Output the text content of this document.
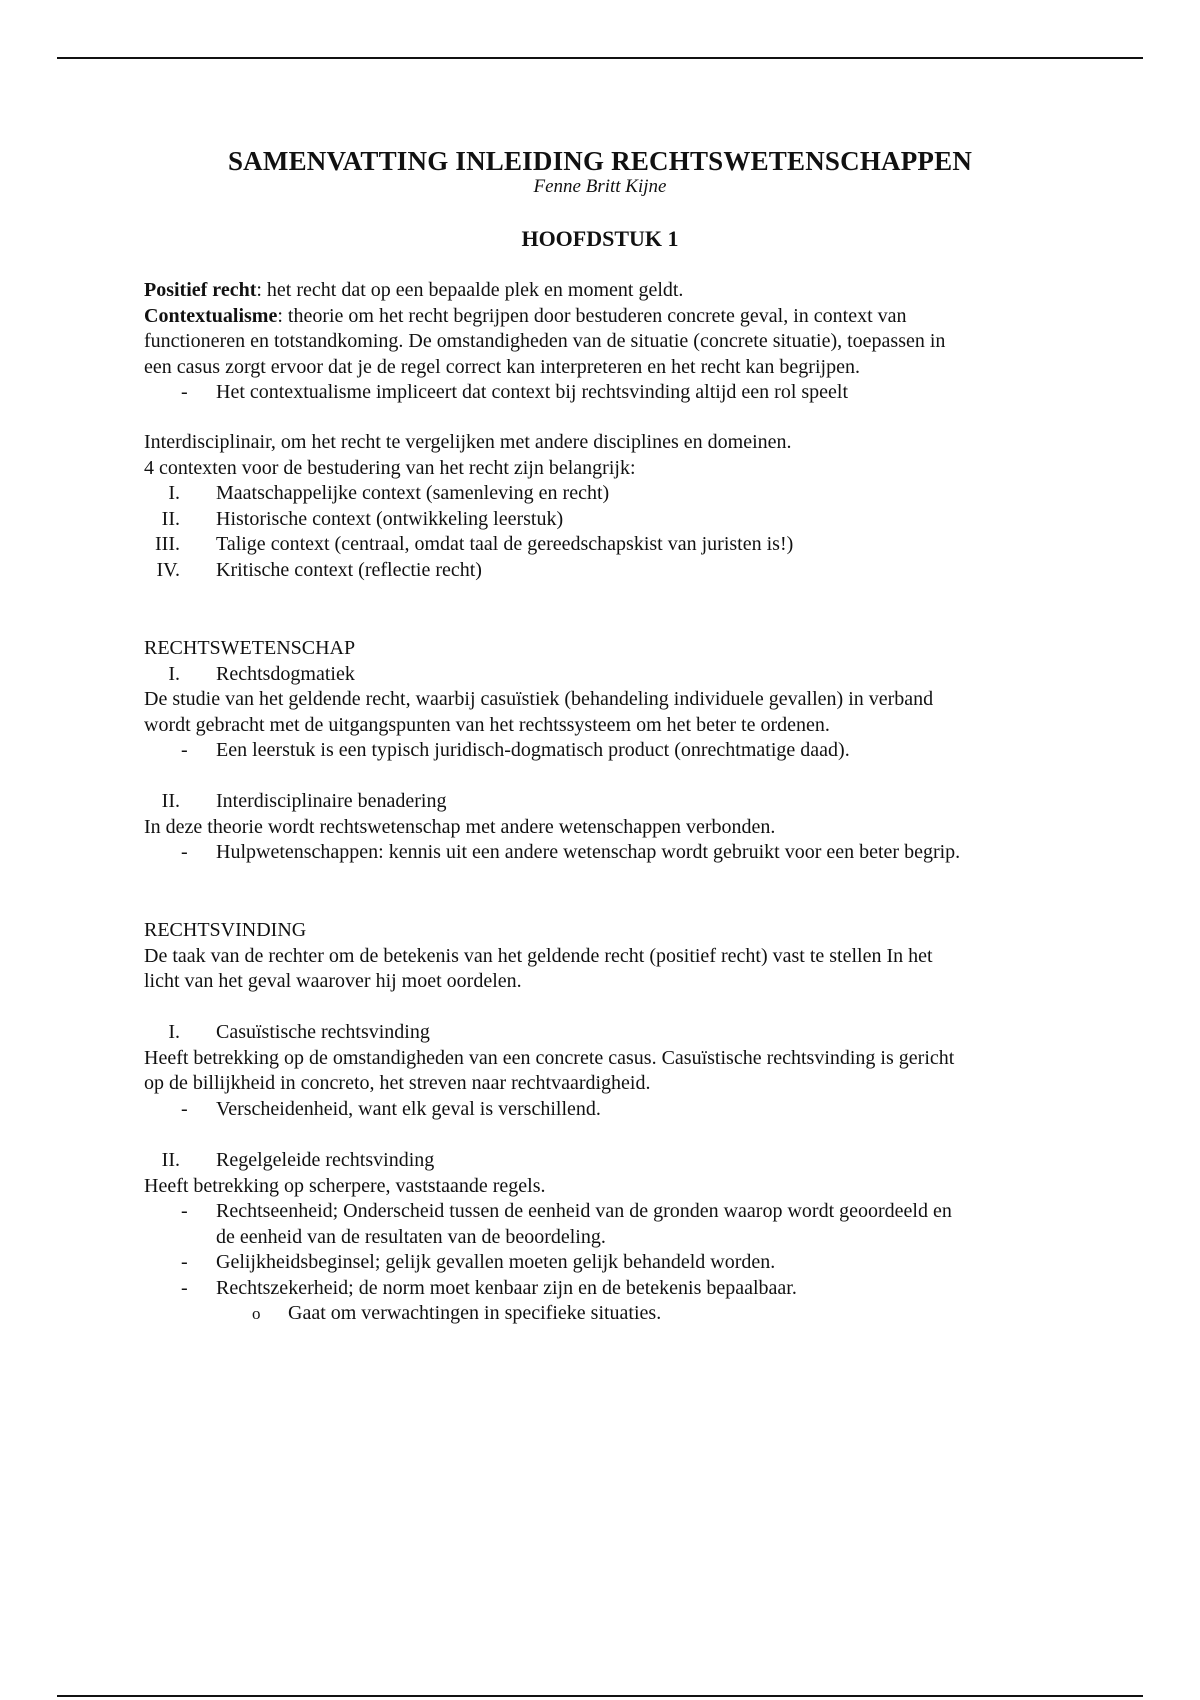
SAMENVATTING INLEIDING RECHTSWETENSCHAPPEN
Fenne Britt Kijne
HOOFDSTUK 1
Positief recht: het recht dat op een bepaalde plek en moment geldt.
Contextualisme: theorie om het recht begrijpen door bestuderen concrete geval, in context van
functioneren en totstandkoming. De omstandigheden van de situatie (concrete situatie), toepassen in
een casus zorgt ervoor dat je de regel correct kan interpreteren en het recht kan begrijpen.
- Het contextualisme impliceert dat context bij rechtsvinding altijd een rol speelt
Interdisciplinair, om het recht te vergelijken met andere disciplines en domeinen.
4 contexten voor de bestudering van het recht zijn belangrijk:
I. Maatschappelijke context (samenleving en recht)
II. Historische context (ontwikkeling leerstuk)
III. Talige context (centraal, omdat taal de gereedschapskist van juristen is!)
IV. Kritische context (reflectie recht)
RECHTSWETENSCHAP
I. Rechtsdogmatiek
De studie van het geldende recht, waarbij casuïstiek (behandeling individuele gevallen) in verband
wordt gebracht met de uitgangspunten van het rechtssysteem om het beter te ordenen.
- Een leerstuk is een typisch juridisch-dogmatisch product (onrechtmatige daad).
II. Interdisciplinaire benadering
In deze theorie wordt rechtswetenschap met andere wetenschappen verbonden.
- Hulpwetenschappen: kennis uit een andere wetenschap wordt gebruikt voor een beter begrip.
RECHTSVINDING
De taak van de rechter om de betekenis van het geldende recht (positief recht) vast te stellen In het
licht van het geval waarover hij moet oordelen.
I. Casuïstische rechtsvinding
Heeft betrekking op de omstandigheden van een concrete casus. Casuïstische rechtsvinding is gericht
op de billijkheid in concreto, het streven naar rechtvaardigheid.
- Verscheidenheid, want elk geval is verschillend.
II. Regelgeleide rechtsvinding
Heeft betrekking op scherpere, vaststaande regels.
- Rechtseenheid; Onderscheid tussen de eenheid van de gronden waarop wordt geoordeeld en
de eenheid van de resultaten van de beoordeling.
- Gelijkheidsbeginsel; gelijk gevallen moeten gelijk behandeld worden.
- Rechtszekerheid; de norm moet kenbaar zijn en de betekenis bepaalbaar.
o Gaat om verwachtingen in specifieke situaties.
